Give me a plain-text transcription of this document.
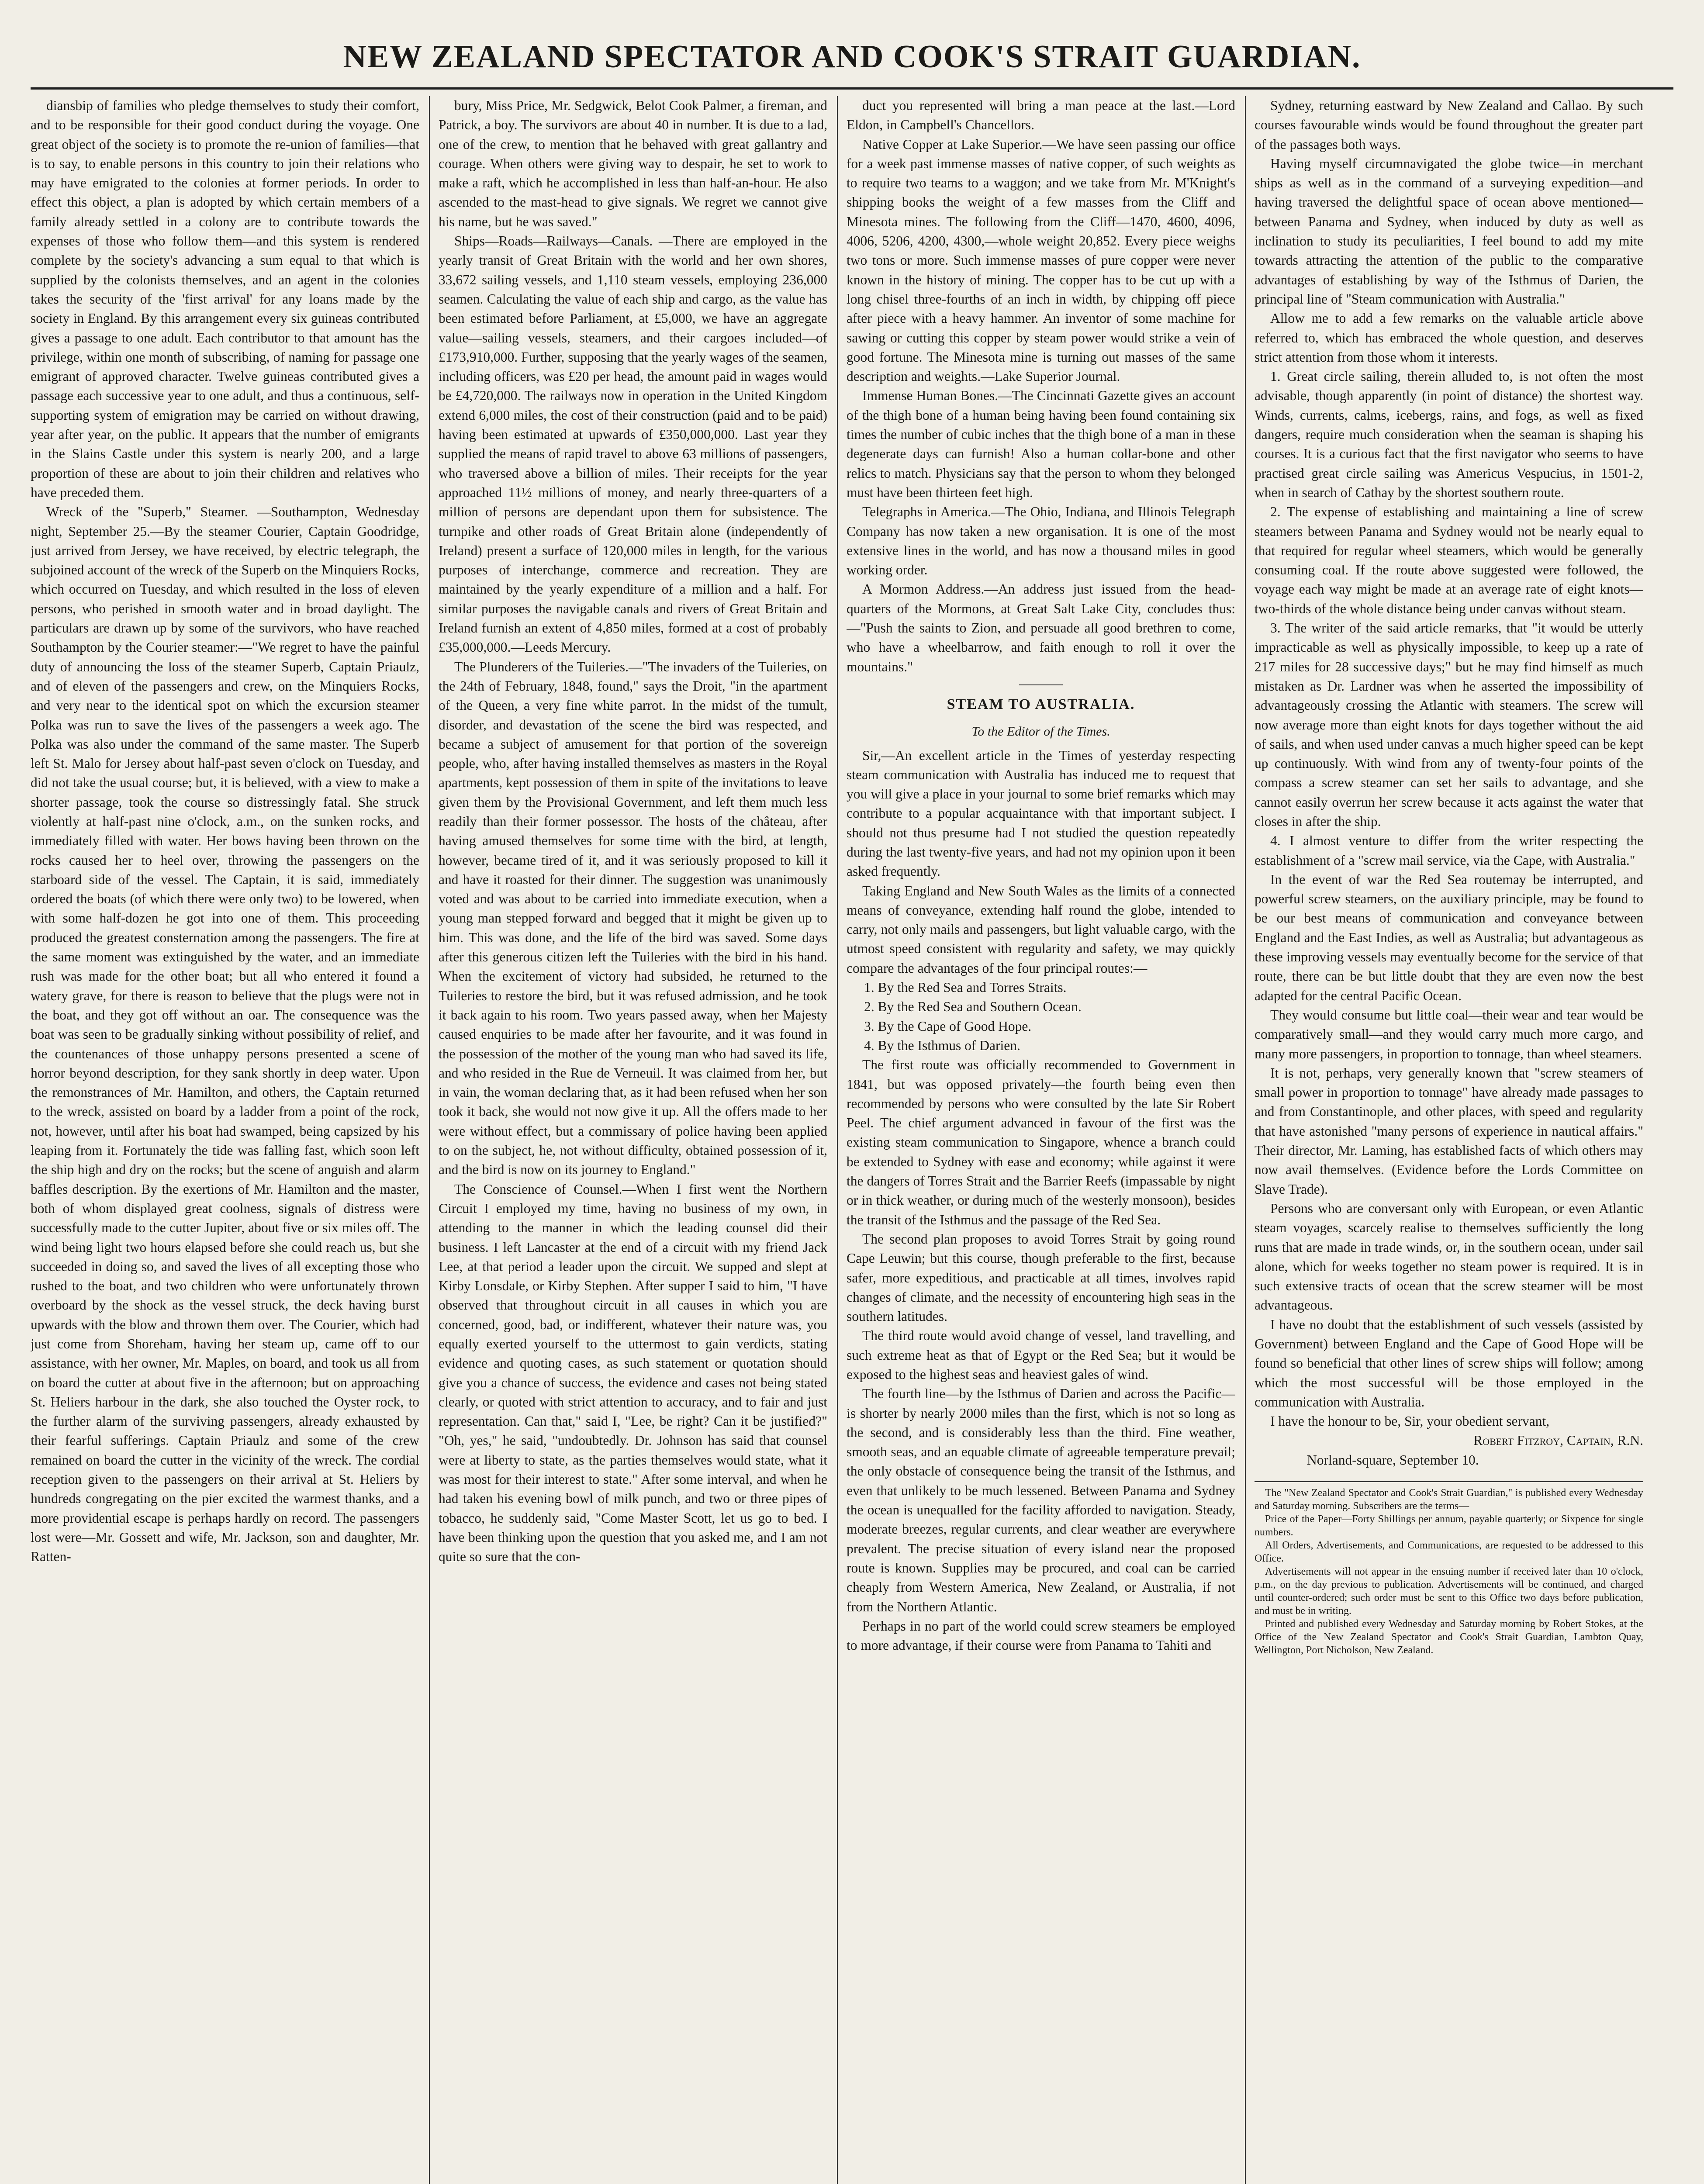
NEW ZEALAND SPECTATOR AND COOK'S STRAIT GUARDIAN.

diansbip of families who pledge themselves to study their comfort, and to be responsible for their good conduct during the voyage. One great object of the society is to promote the re-union of families—that is to say, to enable persons in this country to join their relations who may have emigrated to the colonies at former periods. In order to effect this object, a plan is adopted by which certain members of a family already settled in a colony are to contribute towards the expenses of those who follow them—and this system is rendered complete by the society's advancing a sum equal to that which is supplied by the colonists themselves, and an agent in the colonies takes the security of the 'first arrival' for any loans made by the society in England. By this arrangement every six guineas contributed gives a passage to one adult. Each contributor to that amount has the privilege, within one month of subscribing, of naming for passage one emigrant of approved character. Twelve guineas contributed gives a passage each successive year to one adult, and thus a continuous, self-supporting system of emigration may be carried on without drawing, year after year, on the public. It appears that the number of emigrants in the Slains Castle under this system is nearly 200, and a large proportion of these are about to join their children and relatives who have preceded them.

Wreck of the "Superb," Steamer. —Southampton, Wednesday night, September 25.—By the steamer Courier, Captain Goodridge, just arrived from Jersey, we have received, by electric telegraph, the subjoined account of the wreck of the Superb on the Minquiers Rocks, which occurred on Tuesday, and which resulted in the loss of eleven persons, who perished in smooth water and in broad daylight. The particulars are drawn up by some of the survivors, who have reached Southampton by the Courier steamer:—"We regret to have the painful duty of announcing the loss of the steamer Superb, Captain Priaulz, and of eleven of the passengers and crew, on the Minquiers Rocks, and very near to the identical spot on which the excursion steamer Polka was run to save the lives of the passengers a week ago. The Polka was also under the command of the same master. The Superb left St. Malo for Jersey about half-past seven o'clock on Tuesday, and did not take the usual course; but, it is believed, with a view to make a shorter passage, took the course so distressingly fatal. She struck violently at half-past nine o'clock, a.m., on the sunken rocks, and immediately filled with water. Her bows having been thrown on the rocks caused her to heel over, throwing the passengers on the starboard side of the vessel. The Captain, it is said, immediately ordered the boats (of which there were only two) to be lowered, when with some half-dozen he got into one of them. This proceeding produced the greatest consternation among the passengers. The fire at the same moment was extinguished by the water, and an immediate rush was made for the other boat; but all who entered it found a watery grave, for there is reason to believe that the plugs were not in the boat, and they got off without an oar. The consequence was the boat was seen to be gradually sinking without possibility of relief, and the countenances of those unhappy persons presented a scene of horror beyond description, for they sank shortly in deep water. Upon the remonstrances of Mr. Hamilton, and others, the Captain returned to the wreck, assisted on board by a ladder from a point of the rock, not, however, until after his boat had swamped, being capsized by his leaping from it. Fortunately the tide was falling fast, which soon left the ship high and dry on the rocks; but the scene of anguish and alarm baffles description. By the exertions of Mr. Hamilton and the master, both of whom displayed great coolness, signals of distress were successfully made to the cutter Jupiter, about five or six miles off. The wind being light two hours elapsed before she could reach us, but she succeeded in doing so, and saved the lives of all excepting those who rushed to the boat, and two children who were unfortunately thrown overboard by the shock as the vessel struck, the deck having burst upwards with the blow and thrown them over. The Courier, which had just come from Shoreham, having her steam up, came off to our assistance, with her owner, Mr. Maples, on board, and took us all from on board the cutter at about five in the afternoon; but on approaching St. Heliers harbour in the dark, she also touched the Oyster rock, to the further alarm of the surviving passengers, already exhausted by their fearful sufferings. Captain Priaulz and some of the crew remained on board the cutter in the vicinity of the wreck. The cordial reception given to the passengers on their arrival at St. Heliers by hundreds congregating on the pier excited the warmest thanks, and a more providential escape is perhaps hardly on record. The passengers lost were—Mr. Gossett and wife, Mr. Jackson, son and daughter, Mr. Ratten-

bury, Miss Price, Mr. Sedgwick, Belot Cook Palmer, a fireman, and Patrick, a boy. The survivors are about 40 in number. It is due to a lad, one of the crew, to mention that he behaved with great gallantry and courage. When others were giving way to despair, he set to work to make a raft, which he accomplished in less than half-an-hour. He also ascended to the mast-head to give signals. We regret we cannot give his name, but he was saved."

Ships—Roads—Railways—Canals. —There are employed in the yearly transit of Great Britain with the world and her own shores, 33,672 sailing vessels, and 1,110 steam vessels, employing 236,000 seamen. Calculating the value of each ship and cargo, as the value has been estimated before Parliament, at £5,000, we have an aggregate value—sailing vessels, steamers, and their cargoes included—of £173,910,000. Further, supposing that the yearly wages of the seamen, including officers, was £20 per head, the amount paid in wages would be £4,720,000. The railways now in operation in the United Kingdom extend 6,000 miles, the cost of their construction (paid and to be paid) having been estimated at upwards of £350,000,000. Last year they supplied the means of rapid travel to above 63 millions of passengers, who traversed above a billion of miles. Their receipts for the year approached 11½ millions of money, and nearly three-quarters of a million of persons are dependant upon them for subsistence. The turnpike and other roads of Great Britain alone (independently of Ireland) present a surface of 120,000 miles in length, for the various purposes of interchange, commerce and recreation. They are maintained by the yearly expenditure of a million and a half. For similar purposes the navigable canals and rivers of Great Britain and Ireland furnish an extent of 4,850 miles, formed at a cost of probably £35,000,000.—Leeds Mercury.

The Plunderers of the Tuileries.—"The invaders of the Tuileries, on the 24th of February, 1848, found," says the Droit, "in the apartment of the Queen, a very fine white parrot. In the midst of the tumult, disorder, and devastation of the scene the bird was respected, and became a subject of amusement for that portion of the sovereign people, who, after having installed themselves as masters in the Royal apartments, kept possession of them in spite of the invitations to leave given them by the Provisional Government, and left them much less readily than their former possessor. The hosts of the château, after having amused themselves for some time with the bird, at length, however, became tired of it, and it was seriously proposed to kill it and have it roasted for their dinner. The suggestion was unanimously voted and was about to be carried into immediate execution, when a young man stepped forward and begged that it might be given up to him. This was done, and the life of the bird was saved. Some days after this generous citizen left the Tuileries with the bird in his hand. When the excitement of victory had subsided, he returned to the Tuileries to restore the bird, but it was refused admission, and he took it back again to his room. Two years passed away, when her Majesty caused enquiries to be made after her favourite, and it was found in the possession of the mother of the young man who had saved its life, and who resided in the Rue de Verneuil. It was claimed from her, but in vain, the woman declaring that, as it had been refused when her son took it back, she would not now give it up. All the offers made to her were without effect, but a commissary of police having been applied to on the subject, he, not without difficulty, obtained possession of it, and the bird is now on its journey to England."

The Conscience of Counsel.—When I first went the Northern Circuit I employed my time, having no business of my own, in attending to the manner in which the leading counsel did their business. I left Lancaster at the end of a circuit with my friend Jack Lee, at that period a leader upon the circuit. We supped and slept at Kirby Lonsdale, or Kirby Stephen. After supper I said to him, "I have observed that throughout circuit in all causes in which you are concerned, good, bad, or indifferent, whatever their nature was, you equally exerted yourself to the uttermost to gain verdicts, stating evidence and quoting cases, as such statement or quotation should give you a chance of success, the evidence and cases not being stated clearly, or quoted with strict attention to accuracy, and to fair and just representation. Can that," said I, "Lee, be right? Can it be justified?" "Oh, yes," he said, "undoubtedly. Dr. Johnson has said that counsel were at liberty to state, as the parties themselves would state, what it was most for their interest to state." After some interval, and when he had taken his evening bowl of milk punch, and two or three pipes of tobacco, he suddenly said, "Come Master Scott, let us go to bed. I have been thinking upon the question that you asked me, and I am not quite so sure that the con-

duct you represented will bring a man peace at the last.—Lord Eldon, in Campbell's Chancellors.

Native Copper at Lake Superior.—We have seen passing our office for a week past immense masses of native copper, of such weights as to require two teams to a waggon; and we take from Mr. M'Knight's shipping books the weight of a few masses from the Cliff and Minesota mines. The following from the Cliff—1470, 4600, 4096, 4006, 5206, 4200, 4300,—whole weight 20,852. Every piece weighs two tons or more. Such immense masses of pure copper were never known in the history of mining. The copper has to be cut up with a long chisel three-fourths of an inch in width, by chipping off piece after piece with a heavy hammer. An inventor of some machine for sawing or cutting this copper by steam power would strike a vein of good fortune. The Minesota mine is turning out masses of the same description and weights.—Lake Superior Journal.

Immense Human Bones.—The Cincinnati Gazette gives an account of the thigh bone of a human being having been found containing six times the number of cubic inches that the thigh bone of a man in these degenerate days can furnish! Also a human collar-bone and other relics to match. Physicians say that the person to whom they belonged must have been thirteen feet high.

Telegraphs in America.—The Ohio, Indiana, and Illinois Telegraph Company has now taken a new organisation. It is one of the most extensive lines in the world, and has now a thousand miles in good working order.

A Mormon Address.—An address just issued from the head-quarters of the Mormons, at Great Salt Lake City, concludes thus:—"Push the saints to Zion, and persuade all good brethren to come, who have a wheelbarrow, and faith enough to roll it over the mountains."

STEAM TO AUSTRALIA.

To the Editor of the Times.

Sir,—An excellent article in the Times of yesterday respecting steam communication with Australia has induced me to request that you will give a place in your journal to some brief remarks which may contribute to a popular acquaintance with that important subject. I should not thus presume had I not studied the question repeatedly during the last twenty-five years, and had not my opinion upon it been asked frequently.

Taking England and New South Wales as the limits of a connected means of conveyance, extending half round the globe, intended to carry, not only mails and passengers, but light valuable cargo, with the utmost speed consistent with regularity and safety, we may quickly compare the advantages of the four principal routes:—

1. By the Red Sea and Torres Straits.

2. By the Red Sea and Southern Ocean.

3. By the Cape of Good Hope.

4. By the Isthmus of Darien.

The first route was officially recommended to Government in 1841, but was opposed privately—the fourth being even then recommended by persons who were consulted by the late Sir Robert Peel. The chief argument advanced in favour of the first was the existing steam communication to Singapore, whence a branch could be extended to Sydney with ease and economy; while against it were the dangers of Torres Strait and the Barrier Reefs (impassable by night or in thick weather, or during much of the westerly monsoon), besides the transit of the Isthmus and the passage of the Red Sea.

The second plan proposes to avoid Torres Strait by going round Cape Leuwin; but this course, though preferable to the first, because safer, more expeditious, and practicable at all times, involves rapid changes of climate, and the necessity of encountering high seas in the southern latitudes.

The third route would avoid change of vessel, land travelling, and such extreme heat as that of Egypt or the Red Sea; but it would be exposed to the highest seas and heaviest gales of wind.

The fourth line—by the Isthmus of Darien and across the Pacific—is shorter by nearly 2000 miles than the first, which is not so long as the second, and is considerably less than the third. Fine weather, smooth seas, and an equable climate of agreeable temperature prevail; the only obstacle of consequence being the transit of the Isthmus, and even that unlikely to be much lessened. Between Panama and Sydney the ocean is unequalled for the facility afforded to navigation. Steady, moderate breezes, regular currents, and clear weather are everywhere prevalent. The precise situation of every island near the proposed route is known. Supplies may be procured, and coal can be carried cheaply from Western America, New Zealand, or Australia, if not from the Northern Atlantic.

Perhaps in no part of the world could screw steamers be employed to more advantage, if their course were from Panama to Tahiti and

Sydney, returning eastward by New Zealand and Callao. By such courses favourable winds would be found throughout the greater part of the passages both ways.

Having myself circumnavigated the globe twice—in merchant ships as well as in the command of a surveying expedition—and having traversed the delightful space of ocean above mentioned—between Panama and Sydney, when induced by duty as well as inclination to study its peculiarities, I feel bound to add my mite towards attracting the attention of the public to the comparative advantages of establishing by way of the Isthmus of Darien, the principal line of "Steam communication with Australia."

Allow me to add a few remarks on the valuable article above referred to, which has embraced the whole question, and deserves strict attention from those whom it interests.

1. Great circle sailing, therein alluded to, is not often the most advisable, though apparently (in point of distance) the shortest way. Winds, currents, calms, icebergs, rains, and fogs, as well as fixed dangers, require much consideration when the seaman is shaping his courses. It is a curious fact that the first navigator who seems to have practised great circle sailing was Americus Vespucius, in 1501-2, when in search of Cathay by the shortest southern route.

2. The expense of establishing and maintaining a line of screw steamers between Panama and Sydney would not be nearly equal to that required for regular wheel steamers, which would be generally consuming coal. If the route above suggested were followed, the voyage each way might be made at an average rate of eight knots—two-thirds of the whole distance being under canvas without steam.

3. The writer of the said article remarks, that "it would be utterly impracticable as well as physically impossible, to keep up a rate of 217 miles for 28 successive days;" but he may find himself as much mistaken as Dr. Lardner was when he asserted the impossibility of advantageously crossing the Atlantic with steamers. The screw will now average more than eight knots for days together without the aid of sails, and when used under canvas a much higher speed can be kept up continuously. With wind from any of twenty-four points of the compass a screw steamer can set her sails to advantage, and she cannot easily overrun her screw because it acts against the water that closes in after the ship.

4. I almost venture to differ from the writer respecting the establishment of a "screw mail service, via the Cape, with Australia."

In the event of war the Red Sea routemay be interrupted, and powerful screw steamers, on the auxiliary principle, may be found to be our best means of communication and conveyance between England and the East Indies, as well as Australia; but advantageous as these improving vessels may eventually become for the service of that route, there can be but little doubt that they are even now the best adapted for the central Pacific Ocean.

They would consume but little coal—their wear and tear would be comparatively small—and they would carry much more cargo, and many more passengers, in proportion to tonnage, than wheel steamers.

It is not, perhaps, very generally known that "screw steamers of small power in proportion to tonnage" have already made passages to and from Constantinople, and other places, with speed and regularity that have astonished "many persons of experience in nautical affairs." Their director, Mr. Laming, has established facts of which others may now avail themselves. (Evidence before the Lords Committee on Slave Trade).

Persons who are conversant only with European, or even Atlantic steam voyages, scarcely realise to themselves sufficiently the long runs that are made in trade winds, or, in the southern ocean, under sail alone, which for weeks together no steam power is required. It is in such extensive tracts of ocean that the screw steamer will be most advantageous.

I have no doubt that the establishment of such vessels (assisted by Government) between England and the Cape of Good Hope will be found so beneficial that other lines of screw ships will follow; among which the most successful will be those employed in the communication with Australia.

I have the honour to be, Sir, your obedient servant,

Robert Fitzroy, Captain, R.N.

Norland-square, September 10.

The "New Zealand Spectator and Cook's Strait Guardian," is published every Wednesday and Saturday morning. Subscribers are the terms—

Price of the Paper—Forty Shillings per annum, payable quarterly; or Sixpence for single numbers.

All Orders, Advertisements, and Communications, are requested to be addressed to this Office.

Advertisements will not appear in the ensuing number if received later than 10 o'clock, p.m., on the day previous to publication. Advertisements will be continued, and charged until counter-ordered; such order must be sent to this Office two days before publication, and must be in writing.

Printed and published every Wednesday and Saturday morning by Robert Stokes, at the Office of the New Zealand Spectator and Cook's Strait Guardian, Lambton Quay, Wellington, Port Nicholson, New Zealand.
